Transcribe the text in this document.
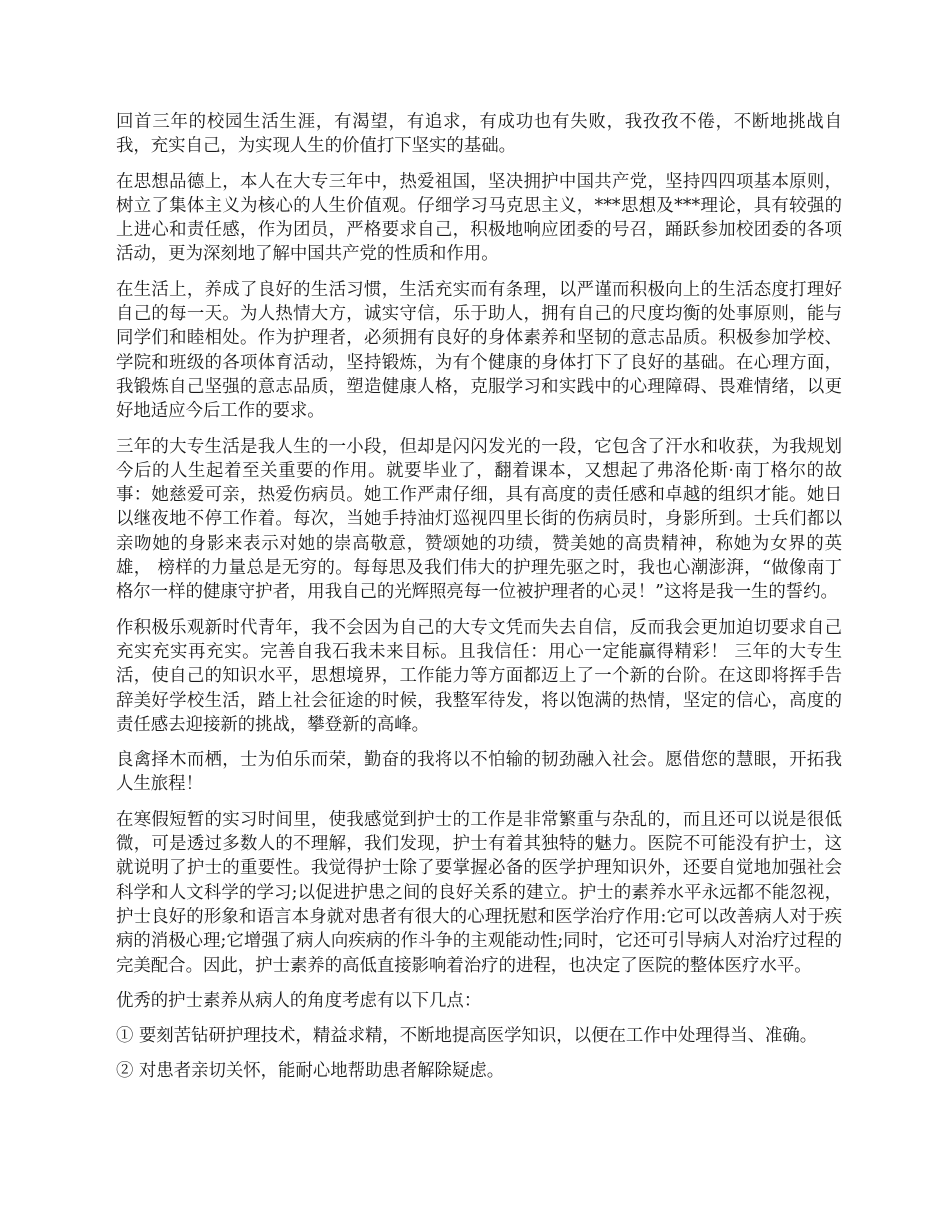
回首三年的校园生活生涯，有渴望，有追求，有成功也有失败，我孜孜不倦，不断地挑战自我，充实自己，为实现人生的价值打下坚实的基础。

在思想品德上，本人在大专三年中，热爱祖国，坚决拥护中国共产党，坚持四四项基本原则，树立了集体主义为核心的人生价值观。仔细学习马克思主义，***思想及***理论，具有较强的上进心和责任感，作为团员，严格要求自己，积极地响应团委的号召，踊跃参加校团委的各项活动，更为深刻地了解中国共产党的性质和作用。

在生活上，养成了良好的生活习惯，生活充实而有条理，以严谨而积极向上的生活态度打理好自己的每一天。为人热情大方，诚实守信，乐于助人，拥有自己的尺度均衡的处事原则，能与同学们和睦相处。作为护理者，必须拥有良好的身体素养和坚韧的意志品质。积极参加学校、学院和班级的各项体育活动，坚持锻炼，为有个健康的身体打下了良好的基础。在心理方面，我锻炼自己坚强的意志品质，塑造健康人格，克服学习和实践中的心理障碍、畏难情绪，以更好地适应今后工作的要求。

三年的大专生活是我人生的一小段，但却是闪闪发光的一段，它包含了汗水和收获，为我规划今后的人生起着至关重要的作用。就要毕业了，翻着课本，又想起了弗洛伦斯·南丁格尔的故事：她慈爱可亲，热爱伤病员。她工作严肃仔细，具有高度的责任感和卓越的组织才能。她日以继夜地不停工作着。每次，当她手持油灯巡视四里长街的伤病员时，身影所到。士兵们都以亲吻她的身影来表示对她的崇高敬意，赞颂她的功绩，赞美她的高贵精神，称她为女界的英雄， 榜样的力量总是无穷的。每每思及我们伟大的护理先驱之时，我也心潮澎湃，“做像南丁格尔一样的健康守护者，用我自己的光辉照亮每一位被护理者的心灵！”这将是我一生的誓约。

作积极乐观新时代青年，我不会因为自己的大专文凭而失去自信，反而我会更加迫切要求自己充实充实再充实。完善自我石我未来目标。且我信任：用心一定能赢得精彩！ 三年的大专生活，使自己的知识水平，思想境界，工作能力等方面都迈上了一个新的台阶。在这即将挥手告辞美好学校生活，踏上社会征途的时候，我整军待发，将以饱满的热情，坚定的信心，高度的责任感去迎接新的挑战，攀登新的高峰。

良禽择木而栖，士为伯乐而荣，勤奋的我将以不怕输的韧劲融入社会。愿借您的慧眼，开拓我人生旅程！

在寒假短暂的实习时间里，使我感觉到护士的工作是非常繁重与杂乱的，而且还可以说是很低微，可是透过多数人的不理解，我们发现，护士有着其独特的魅力。医院不可能没有护士，这就说明了护士的重要性。我觉得护士除了要掌握必备的医学护理知识外，还要自觉地加强社会科学和人文科学的学习;以促进护患之间的良好关系的建立。护士的素养水平永远都不能忽视，护士良好的形象和语言本身就对患者有很大的心理抚慰和医学治疗作用:它可以改善病人对于疾病的消极心理;它增强了病人向疾病的作斗争的主观能动性;同时，它还可引导病人对治疗过程的完美配合。因此，护士素养的高低直接影响着治疗的进程，也决定了医院的整体医疗水平。

优秀的护士素养从病人的角度考虑有以下几点：

① 要刻苦钻研护理技术，精益求精，不断地提高医学知识，以便在工作中处理得当、准确。

② 对患者亲切关怀，能耐心地帮助患者解除疑虑。
